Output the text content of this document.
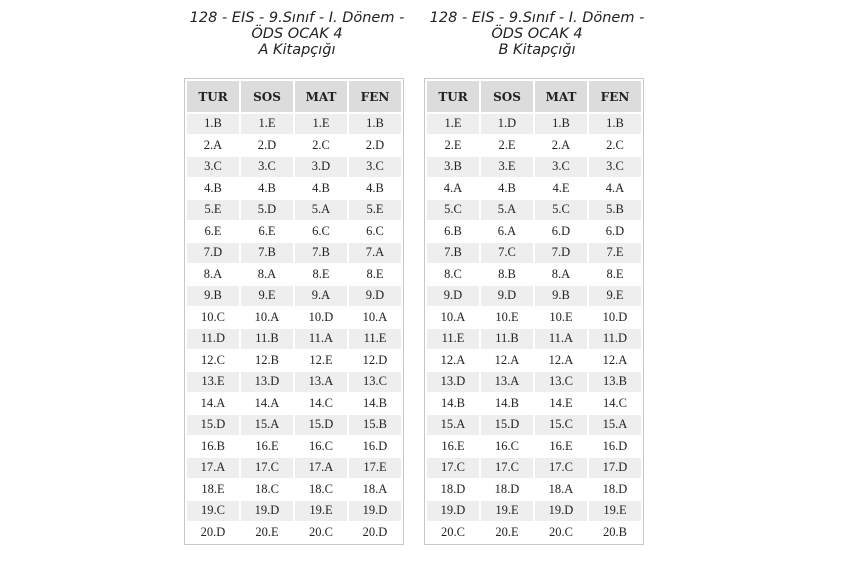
128 - EIS - 9.Sınıf - I. Dönem -
ÖDS OCAK 4
A Kitapçığı
TUR	SOS	MAT	FEN
1.B	1.E	1.E	1.B
2.A	2.D	2.C	2.D
3.C	3.C	3.D	3.C
4.B	4.B	4.B	4.B
5.E	5.D	5.A	5.E
6.E	6.E	6.C	6.C
7.D	7.B	7.B	7.A
8.A	8.A	8.E	8.E
9.B	9.E	9.A	9.D
10.C	10.A	10.D	10.A
11.D	11.B	11.A	11.E
12.C	12.B	12.E	12.D
13.E	13.D	13.A	13.C
14.A	14.A	14.C	14.B
15.D	15.A	15.D	15.B
16.B	16.E	16.C	16.D
17.A	17.C	17.A	17.E
18.E	18.C	18.C	18.A
19.C	19.D	19.E	19.D
20.D	20.E	20.C	20.D
128 - EIS - 9.Sınıf - I. Dönem -
ÖDS OCAK 4
B Kitapçığı
TUR	SOS	MAT	FEN
1.E	1.D	1.B	1.B
2.E	2.E	2.A	2.C
3.B	3.E	3.C	3.C
4.A	4.B	4.E	4.A
5.C	5.A	5.C	5.B
6.B	6.A	6.D	6.D
7.B	7.C	7.D	7.E
8.C	8.B	8.A	8.E
9.D	9.D	9.B	9.E
10.A	10.E	10.E	10.D
11.E	11.B	11.A	11.D
12.A	12.A	12.A	12.A
13.D	13.A	13.C	13.B
14.B	14.B	14.E	14.C
15.A	15.D	15.C	15.A
16.E	16.C	16.E	16.D
17.C	17.C	17.C	17.D
18.D	18.D	18.A	18.D
19.D	19.E	19.D	19.E
20.C	20.E	20.C	20.B
